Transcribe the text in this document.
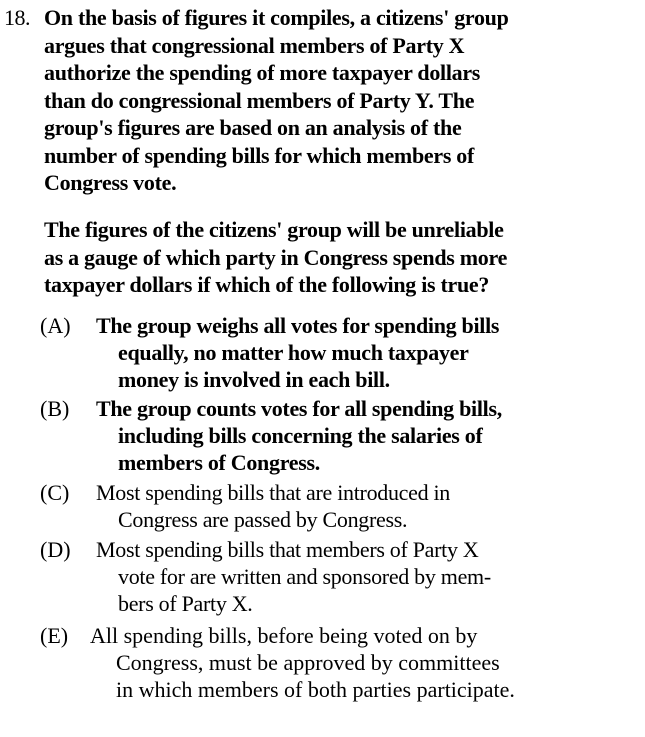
18. On the basis of figures it compiles, a citizens' group
argues that congressional members of Party X
authorize the spending of more taxpayer dollars
than do congressional members of Party Y. The
group's figures are based on an analysis of the
number of spending bills for which members of
Congress vote.
The figures of the citizens' group will be unreliable
as a gauge of which party in Congress spends more
taxpayer dollars if which of the following is true?
(A) The group weighs all votes for spending bills
equally, no matter how much taxpayer
money is involved in each bill.
(B) The group counts votes for all spending bills,
including bills concerning the salaries of
members of Congress.
(C) Most spending bills that are introduced in
Congress are passed by Congress.
(D) Most spending bills that members of Party X
vote for are written and sponsored by mem-
bers of Party X.
(E) All spending bills, before being voted on by
Congress, must be approved by committees
in which members of both parties participate.
